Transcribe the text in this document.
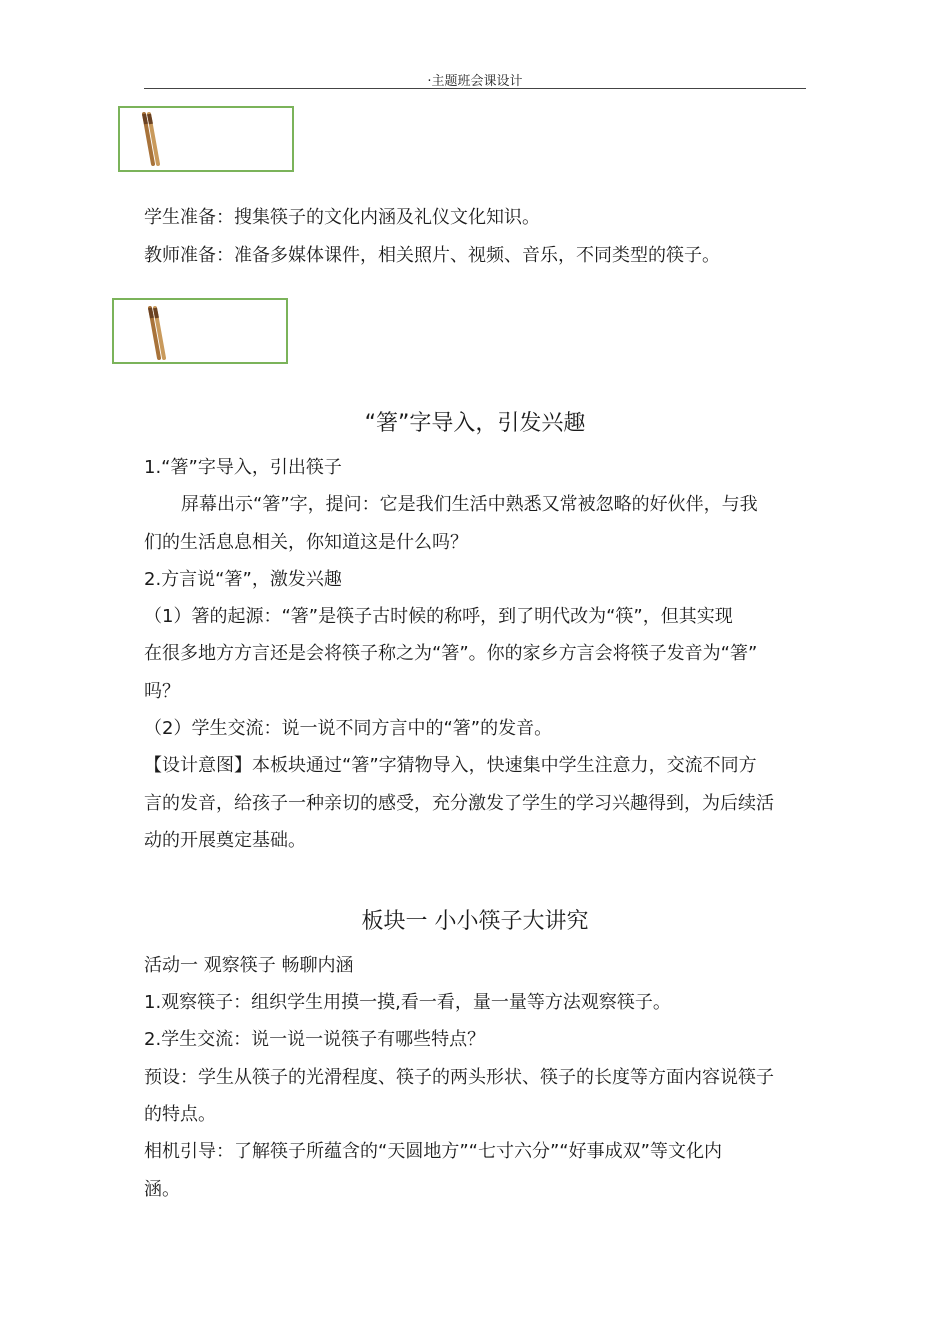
·主题班会课设计
学生准备：搜集筷子的文化内涵及礼仪文化知识。
教师准备：准备多媒体课件，相关照片、视频、音乐，不同类型的筷子。
“箸”字导入，引发兴趣
1.“箸”字导入，引出筷子
屏幕出示“箸”字，提问：它是我们生活中熟悉又常被忽略的好伙伴，与我
们的生活息息相关，你知道这是什么吗？
2.方言说“箸”，激发兴趣
（1）箸的起源：“箸”是筷子古时候的称呼，到了明代改为“筷”，但其实现
在很多地方方言还是会将筷子称之为“箸”。你的家乡方言会将筷子发音为“箸”
吗？
（2）学生交流：说一说不同方言中的“箸”的发音。
【设计意图】本板块通过“箸”字猜物导入，快速集中学生注意力，交流不同方
言的发音，给孩子一种亲切的感受，充分激发了学生的学习兴趣得到，为后续活
动的开展奠定基础。
板块一 小小筷子大讲究
活动一 观察筷子 畅聊内涵
1.观察筷子：组织学生用摸一摸,看一看，量一量等方法观察筷子。
2.学生交流：说一说一说筷子有哪些特点？
预设：学生从筷子的光滑程度、筷子的两头形状、筷子的长度等方面内容说筷子
的特点。
相机引导：了解筷子所蕴含的“天圆地方”“七寸六分”“好事成双”等文化内
涵。
